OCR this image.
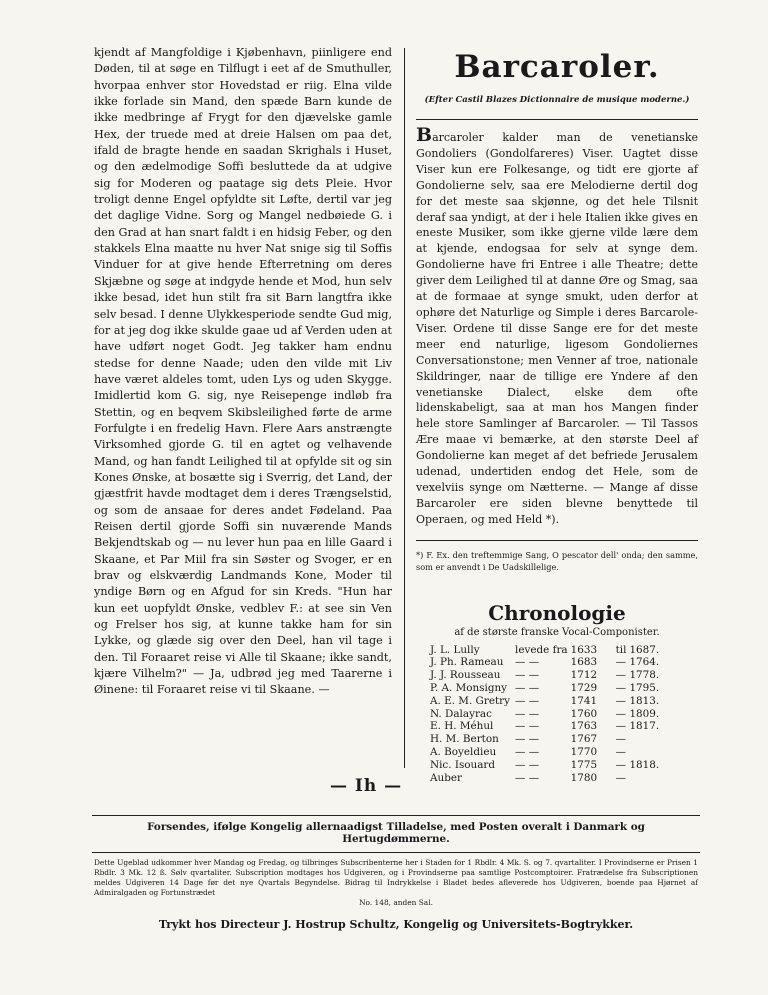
kjendt af Mangfoldige i Kjøbenhavn, piinligere end Døden, til at søge en Tilflugt i eet af de Smuthuller, hvorpaa enhver stor Hovedstad er riig. Elna vilde ikke forlade sin Mand, den spæde Barn kunde de ikke medbringe af Frygt for den djævelske gamle Hex, der truede med at dreie Halsen om paa det, ifald de bragte hende en saadan Skrighals i Huset, og den ædelmodige Soffi besluttede da at udgive sig for Moderen og paatage sig dets Pleie. Hvor troligt denne Engel opfyldte sit Løfte, dertil var jeg det daglige Vidne. Sorg og Mangel nedbøiede G. i den Grad at han snart faldt i en hidsig Feber, og den stakkels Elna maatte nu hver Nat snige sig til Soffis Vinduer for at give hende Efterretning om deres Skjæbne og søge at indgyde hende et Mod, hun selv ikke besad, idet hun stilt fra sit Barn langtfra ikke selv besad. I denne Ulykkesperiode sendte Gud mig, for at jeg dog ikke skulde gaae ud af Verden uden at have udført noget Godt. Jeg takker ham endnu stedse for denne Naade; uden den vilde mit Liv have været aldeles tomt, uden Lys og uden Skygge. Imidlertid kom G. sig, nye Reisepenge indløb fra Stettin, og en beqvem Skibsleilighed førte de arme Forfulgte i en fredelig Havn. Flere Aars anstrængte Virksomhed gjorde G. til en agtet og velhavende Mand, og han fandt Leilighed til at opfylde sit og sin Kones Ønske, at bosætte sig i Sverrig, det Land, der gjæstfrit havde modtaget dem i deres Trængselstid, og som de ansaae for deres andet Fødeland. Paa Reisen dertil gjorde Soffi sin nuværende Mands Bekjendtskab og — nu lever hun paa en lille Gaard i Skaane, et Par Miil fra sin Søster og Svoger, er en brav og elskværdig Landmands Kone, Moder til yndige Børn og en Afgud for sin Kreds. "Hun har kun eet uopfyldt Ønske, vedblev F.: at see sin Ven og Frelser hos sig, at kunne takke ham for sin Lykke, og glæde sig over den Deel, han vil tage i den. Til Foraaret reise vi Alle til Skaane; ikke sandt, kjære Vilhelm?" — Ja, udbrød jeg med Taarerne i Øinene: til Foraaret reise vi til Skaane. —

— Ih —
Barcaroler.
(Efter Castil Blazes Dictionnaire de musique moderne.)

Barcaroler kalder man de venetianske Gondoliers (Gondolfareres) Viser. Uagtet disse Viser kun ere Folkesange, og tidt ere gjorte af Gondolierne selv, saa ere Melodierne dertil dog for det meste saa skjønne, og det hele Tilsnit deraf saa yndigt, at der i hele Italien ikke gives en eneste Musiker, som ikke gjerne vilde lære dem at kjende, endogsaa for selv at synge dem. Gondolierne have fri Entree i alle Theatre; dette giver dem Leilighed til at danne Øre og Smag, saa at de formaae at synge smukt, uden derfor at ophøre det Naturlige og Simple i deres Barcarole-Viser. Ordene til disse Sange ere for det meste meer end naturlige, ligesom Gondoliernes Conversationstone; men Venner af troe, nationale Skildringer, naar de tillige ere Yndere af den venetianske Dialect, elske dem ofte lidenskabeligt, saa at man hos Mangen finder hele store Samlinger af Barcaroler. — Til Tassos Ære maae vi bemærke, at den største Deel af Gondolierne kan meget af det befriede Jerusalem udenad, undertiden endog det Hele, som de vexelviis synge om Nætterne. — Mange af disse Barcaroler ere siden blevne benyttede til Operaen, og med Held *).

*) F. Ex. den treftemmige Sang, O pescator dell' onda; den samme, som er anvendt i De Uadskillelige.

Chronologie
af de største franske Vocal-Componister.
J. L. Lully	levede fra	1633	til	1687.
J. Ph. Rameau	— —	1683	—	1764.
J. J. Rousseau	— —	1712	—	1778.
P. A. Monsigny	— —	1729	—	1795.
A. E. M. Gretry	— —	1741	—	1813.
N. Dalayrac	— —	1760	—	1809.
E. H. Méhul	— —	1763	—	1817.
H. M. Berton	— —	1767	—	
A. Boyeldieu	— —	1770	—	
Nic. Isouard	— —	1775	—	1818.
Auber	— —	1780	—	
Forsendes, ifølge Kongelig allernaadigst Tilladelse, med Posten overalt i Danmark og Hertugdømmerne.
Dette Ugeblad udkommer hver Mandag og Fredag, og tilbringes Subscribenterne her i Staden for 1 Rbdlr. 4 Mk. S. og 7. qvartaliter. I Provindserne er Prisen 1 Rbdlr. 3 Mk. 12 ß. Sølv qvartaliter. Subscription modtages hos Udgiveren, og i Provindserne paa samtlige Postcomptoirer. Fratrædelse fra Subscriptionen meldes Udgiveren 14 Dage før det nye Qvartals Begyndelse. Bidrag til Indrykkelse i Bladet bedes afleverede hos Udgiveren, boende paa Hjørnet af Admiralgaden og Fortunstrædet
No. 148, anden Sal.
Trykt hos Directeur J. Hostrup Schultz, Kongelig og Universitets-Bogtrykker.
